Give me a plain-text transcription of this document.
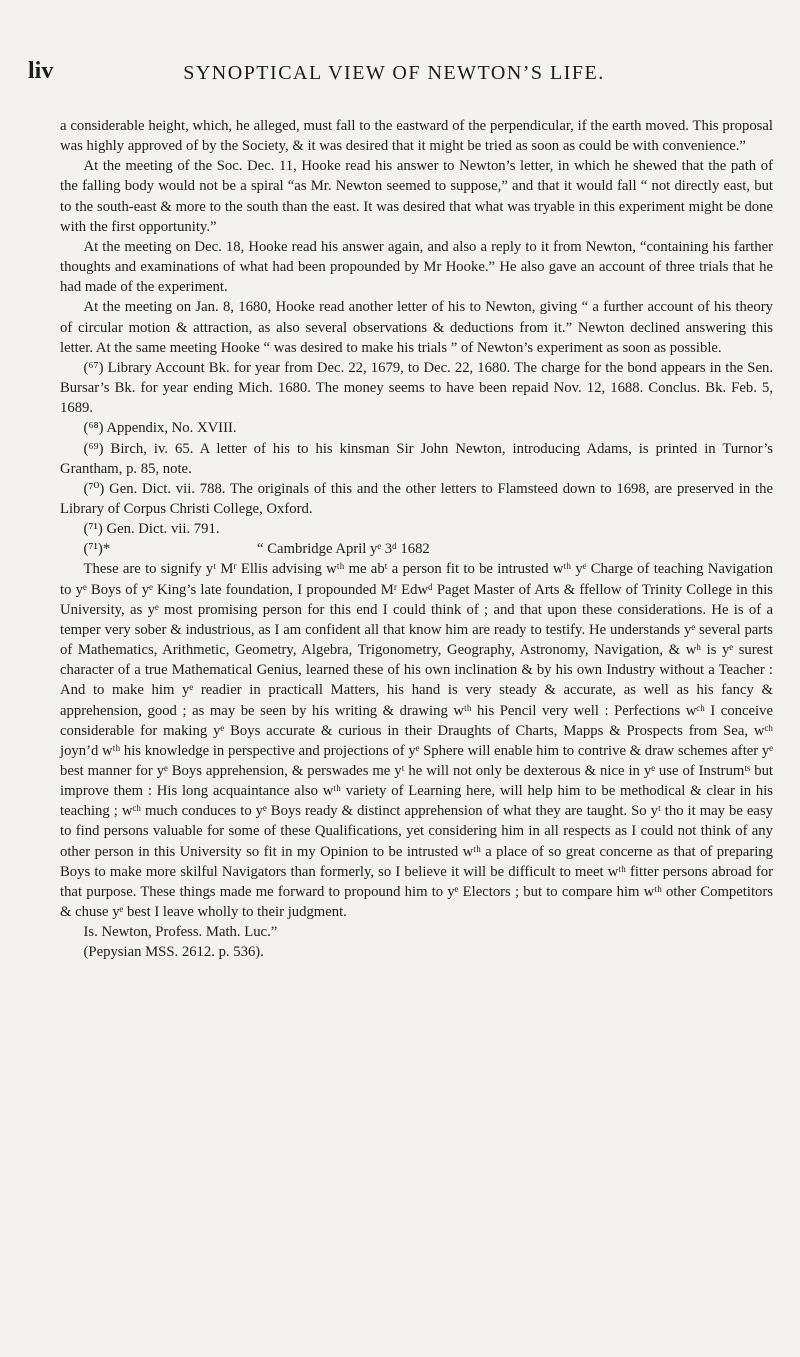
liv	SYNOPTICAL VIEW OF NEWTON’S LIFE.

a considerable height, which, he alleged, must fall to the eastward of the perpendicular, if the earth moved. This proposal was highly approved of by the Society, & it was desired that it might be tried as soon as could be with convenience.”

At the meeting of the Soc. Dec. 11, Hooke read his answer to Newton’s letter, in which he shewed that the path of the falling body would not be a spiral “as Mr. Newton seemed to suppose,” and that it would fall “ not directly east, but to the south-east & more to the south than the east. It was desired that what was tryable in this experiment might be done with the first opportunity.”

At the meeting on Dec. 18, Hooke read his answer again, and also a reply to it from Newton, “containing his farther thoughts and examinations of what had been propounded by Mr Hooke.” He also gave an account of three trials that he had made of the experiment.

At the meeting on Jan. 8, 1680, Hooke read another letter of his to Newton, giving “ a further account of his theory of circular motion & attraction, as also several observations & deductions from it.” Newton declined answering this letter. At the same meeting Hooke “ was desired to make his trials ” of Newton’s experiment as soon as possible.

(⁶⁷) Library Account Bk. for year from Dec. 22, 1679, to Dec. 22, 1680. The charge for the bond appears in the Sen. Bursar’s Bk. for year ending Mich. 1680. The money seems to have been repaid Nov. 12, 1688. Conclus. Bk. Feb. 5, 1689.

(⁶⁸) Appendix, No. XVIII.

(⁶⁹) Birch, iv. 65. A letter of his to his kinsman Sir John Newton, introducing Adams, is printed in Turnor’s Grantham, p. 85, note.

(⁷⁰) Gen. Dict. vii. 788. The originals of this and the other letters to Flamsteed down to 1698, are preserved in the Library of Corpus Christi College, Oxford.

(⁷¹) Gen. Dict. vii. 791.

(⁷¹)*                                        “ Cambridge April yᵉ 3ᵈ 1682

These are to signify yᵗ Mʳ Ellis advising wᵗʰ me abᵗ a person fit to be intrusted wᵗʰ yᵉ Charge of teaching Navigation to yᵉ Boys of yᵉ King’s late foundation, I propounded Mʳ Edwᵈ Paget Master of Arts & ffellow of Trinity College in this University, as yᵉ most promising person for this end I could think of ; and that upon these considerations. He is of a temper very sober & industrious, as I am confident all that know him are ready to testify. He understands yᵉ several parts of Mathematics, Arithmetic, Geometry, Algebra, Trigonometry, Geography, Astronomy, Navigation, & wʰ is yᵉ surest character of a true Mathematical Genius, learned these of his own inclination & by his own Industry without a Teacher : And to make him yᵉ readier in practicall Matters, his hand is very steady & accurate, as well as his fancy & apprehension, good ; as may be seen by his writing & drawing wᵗʰ his Pencil very well : Perfections wᶜʰ I conceive considerable for making yᵉ Boys accurate & curious in their Draughts of Charts, Mapps & Prospects from Sea, wᶜʰ joyn’d wᵗʰ his knowledge in perspective and projections of yᵉ Sphere will enable him to contrive & draw schemes after yᵉ best manner for yᵉ Boys apprehension, & perswades me yᵗ he will not only be dexterous & nice in yᵉ use of Instrumᵗˢ but improve them : His long acquaintance also wᵗʰ variety of Learning here, will help him to be methodical & clear in his teaching ; wᶜʰ much conduces to yᵉ Boys ready & distinct apprehension of what they are taught. So yᵗ tho it may be easy to find persons valuable for some of these Qualifications, yet considering him in all respects as I could not think of any other person in this University so fit in my Opinion to be intrusted wᵗʰ a place of so great concerne as that of preparing Boys to make more skilful Navigators than formerly, so I believe it will be difficult to meet wᵗʰ fitter persons abroad for that purpose. These things made me forward to propound him to yᵉ Electors ; but to compare him wᵗʰ other Competitors & chuse yᵉ best I leave wholly to their judgment.

Is. Newton, Profess. Math. Luc.”

(Pepysian MSS. 2612. p. 536).
